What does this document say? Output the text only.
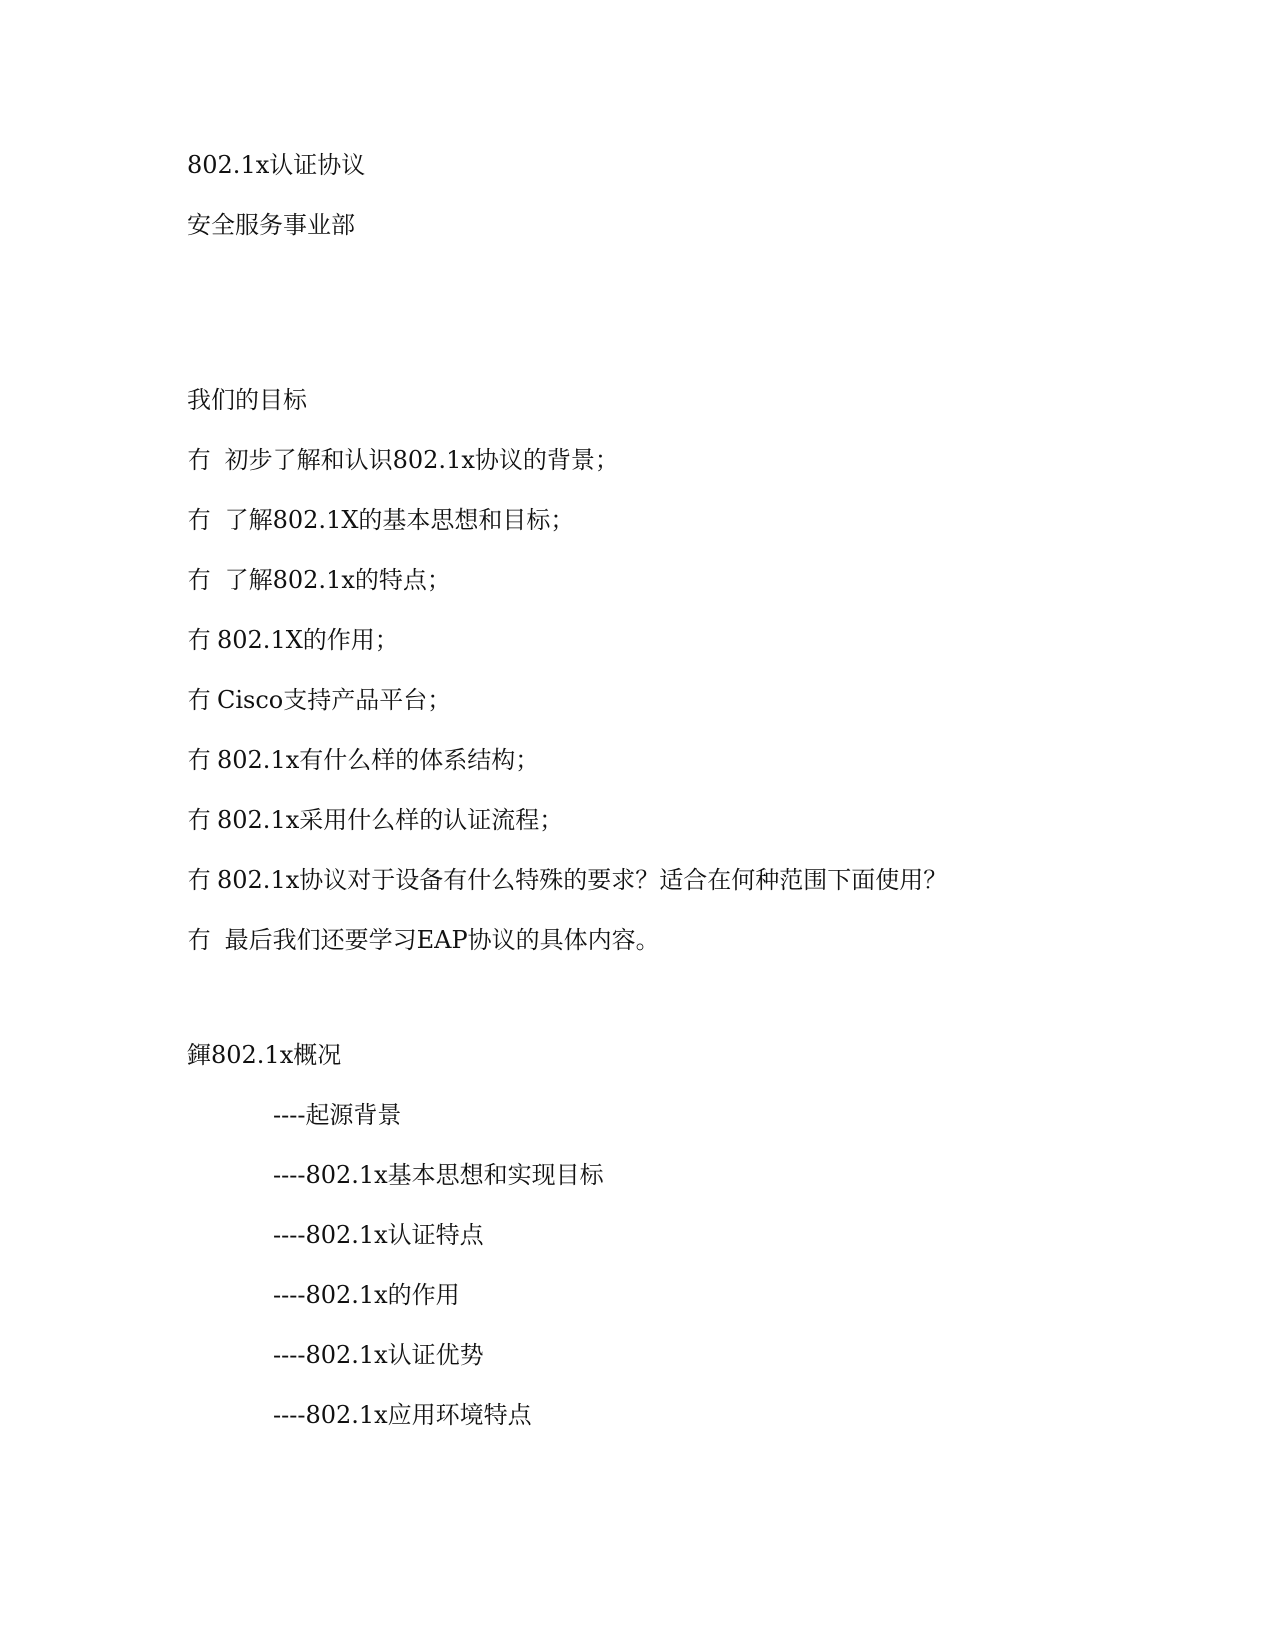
802.1x认证协议
安全服务事业部
我们的目标
冇 初步了解和认识802.1x协议的背景；
冇 了解802.1X的基本思想和目标；
冇 了解802.1x的特点；
冇 802.1X的作用；
冇 Cisco支持产品平台；
冇 802.1x有什么样的体系结构；
冇 802.1x采用什么样的认证流程；
冇 802.1x协议对于设备有什么特殊的要求？适合在何种范围下面使用？
冇 最后我们还要学习EAP协议的具体内容。
鍕802.1x概况
----起源背景
----802.1x基本思想和实现目标
----802.1x认证特点
----802.1x的作用
----802.1x认证优势
----802.1x应用环境特点
